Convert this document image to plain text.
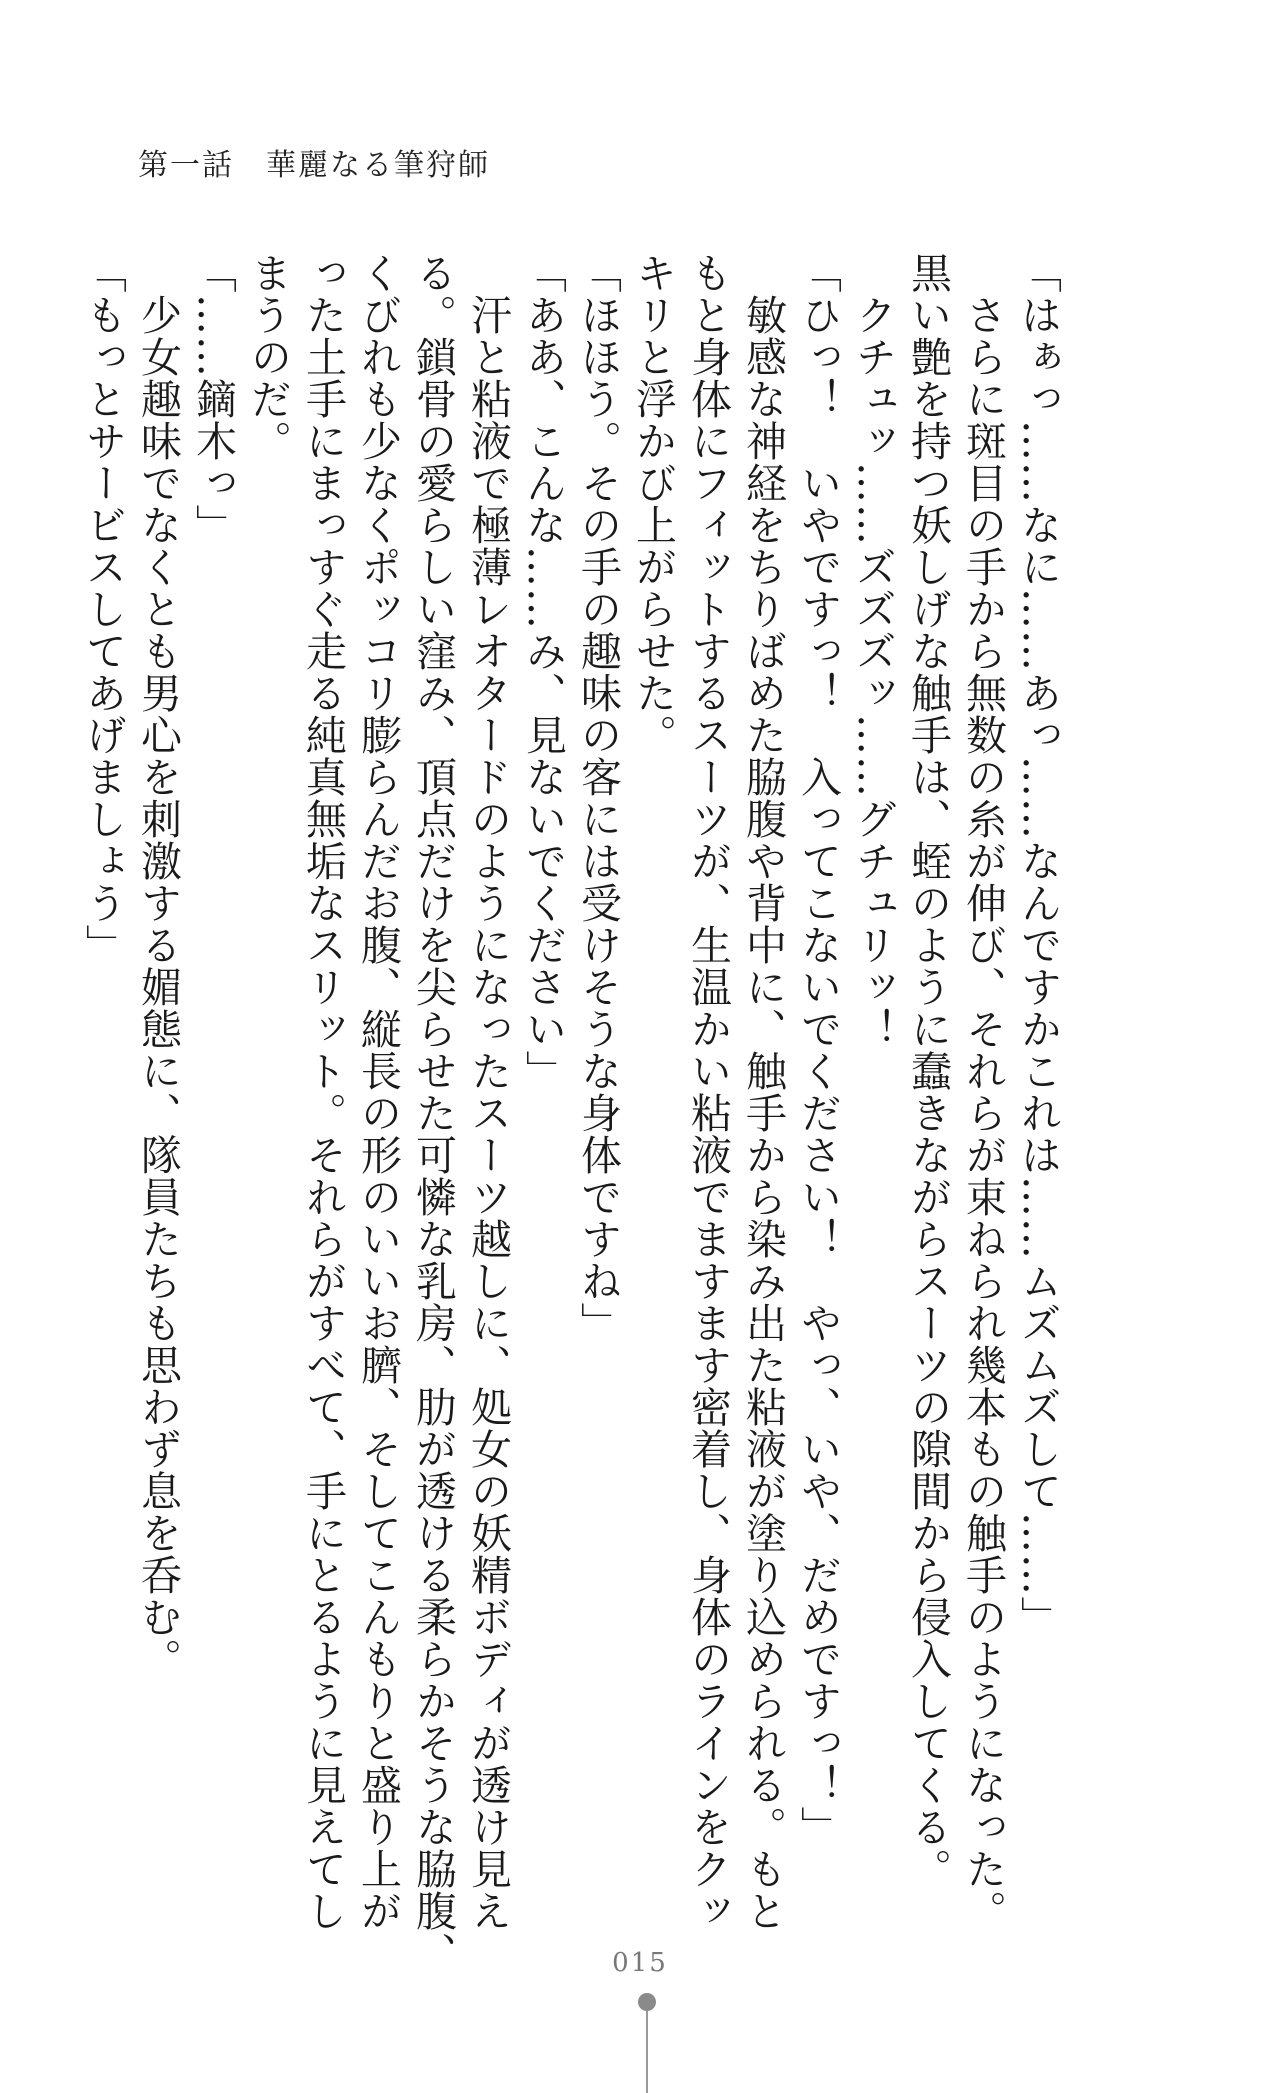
第一話　華麗なる筆狩師

「はぁっ……なに……あっ……なんですかこれは……ムズムズして……」

　さらに斑目の手から無数の糸が伸び、それらが束ねられ幾本もの触手のようになった。

黒い艶を持つ妖しげな触手は、蛭のように蠢きながらスーツの隙間から侵入してくる。

　クチュッ……ズズズッ……グチュリッ！

「ひっ！　いやですっ！　入ってこないでください！　やっ、いや、だめですっ！」

　敏感な神経をちりばめた脇腹や背中に、触手から染み出た粘液が塗り込められる。もと

もと身体にフィットするスーツが、生温かい粘液でますます密着し、身体のラインをクッ

キリと浮かび上がらせた。

「ほほう。その手の趣味の客には受けそうな身体ですね」

「ああ、こんな……み、見ないでください」

　汗と粘液で極薄レオタードのようになったスーツ越しに、処女の妖精ボディが透け見え

る。鎖骨の愛らしい窪み、頂点だけを尖らせた可憐な乳房、肋が透ける柔らかそうな脇腹、

くびれも少なくポッコリ膨らんだお腹、縦長の形のいいお臍、そしてこんもりと盛り上が

った土手にまっすぐ走る純真無垢なスリット。それらがすべて、手にとるように見えてし

まうのだ。

「……鏑木っ」

　少女趣味でなくとも男心を刺激する媚態に、隊員たちも思わず息を呑む。

「もっとサービスしてあげましょう」

015
